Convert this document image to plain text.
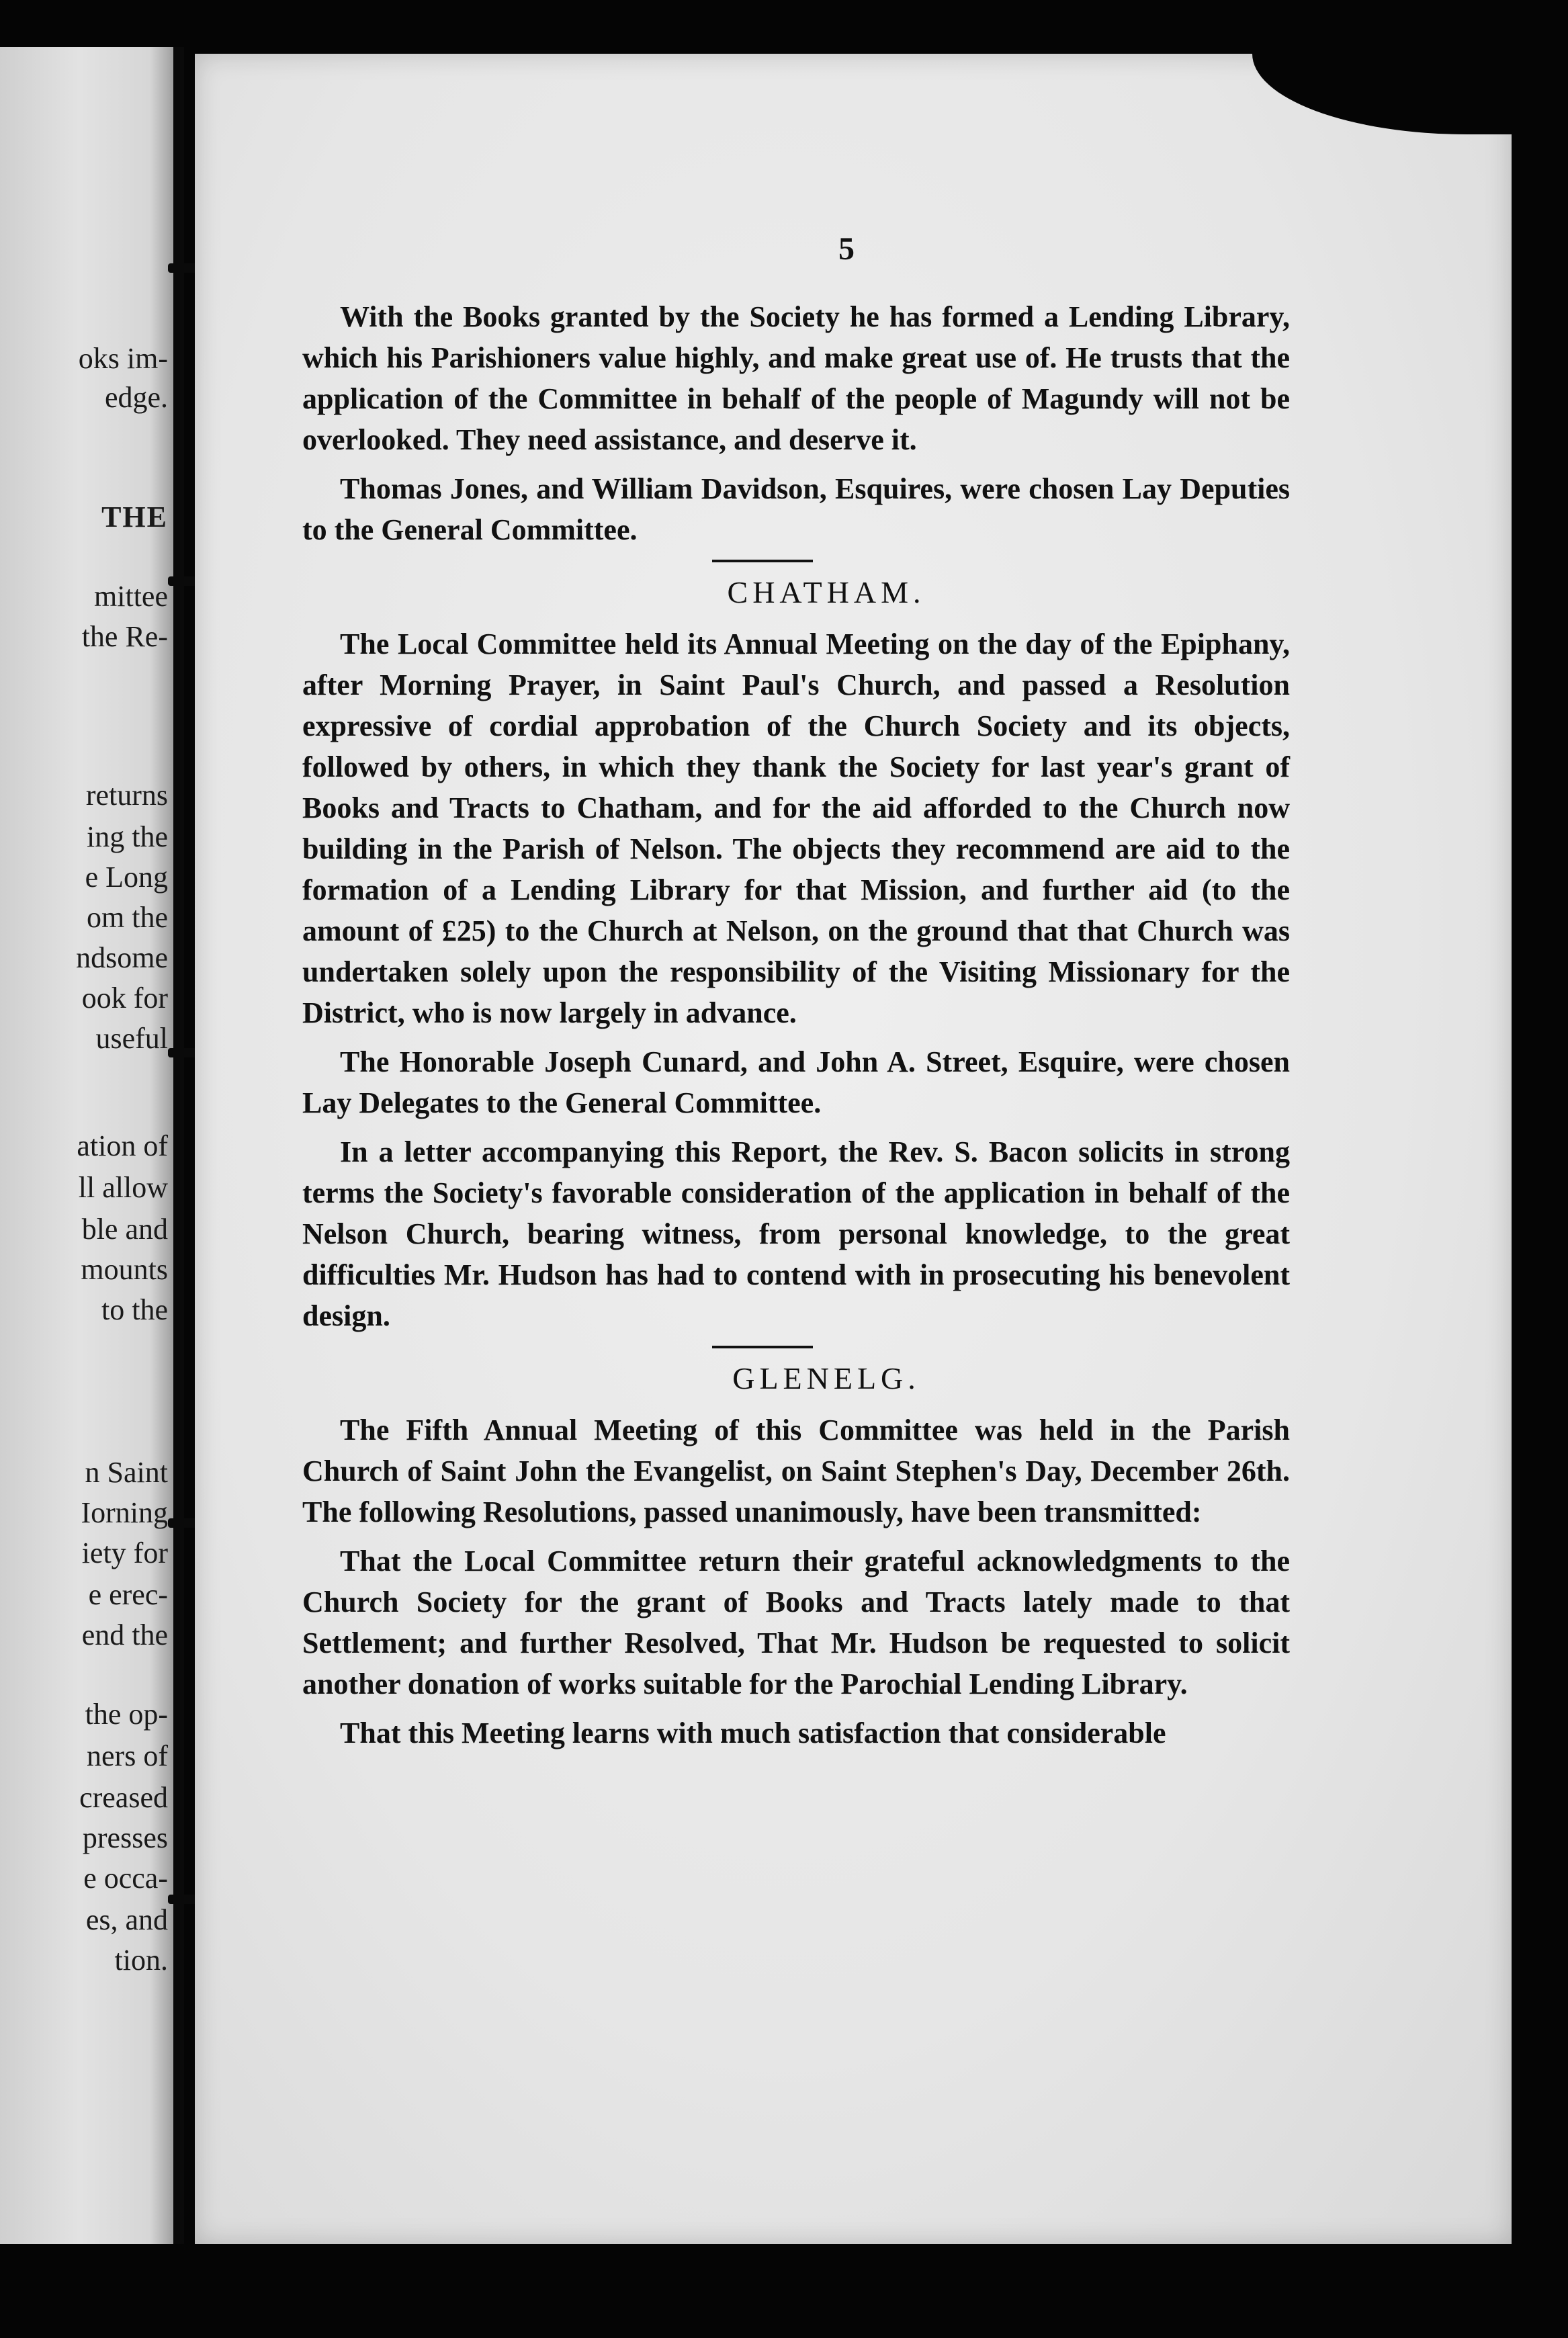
oks im-
edge.
THE
mittee
the Re-
returns
ing the
e Long
om the
ndsome
ook for
useful
ation of
ll allow
ble and
mounts
to the
n Saint
Iorning
iety for
e erec-
end the
the op-
ners of
creased
presses
e occa-
es, and
tion.
5

With the Books granted by the Society he has formed a Lending Library, which his Parishioners value highly, and make great use of. He trusts that the application of the Committee in behalf of the people of Magundy will not be overlooked. They need assistance, and deserve it.

Thomas Jones, and William Davidson, Esquires, were chosen Lay Deputies to the General Committee.

CHATHAM.

The Local Committee held its Annual Meeting on the day of the Epiphany, after Morning Prayer, in Saint Paul's Church, and passed a Resolution expressive of cordial approbation of the Church Society and its objects, followed by others, in which they thank the Society for last year's grant of Books and Tracts to Chatham, and for the aid afforded to the Church now building in the Parish of Nelson. The objects they recommend are aid to the formation of a Lending Library for that Mission, and further aid (to the amount of £25) to the Church at Nelson, on the ground that that Church was undertaken solely upon the responsibility of the Visiting Missionary for the District, who is now largely in advance.

The Honorable Joseph Cunard, and John A. Street, Esquire, were chosen Lay Delegates to the General Committee.

In a letter accompanying this Report, the Rev. S. Bacon solicits in strong terms the Society's favorable consideration of the application in behalf of the Nelson Church, bearing witness, from personal knowledge, to the great difficulties Mr. Hudson has had to contend with in prosecuting his benevolent design.

GLENELG.

The Fifth Annual Meeting of this Committee was held in the Parish Church of Saint John the Evangelist, on Saint Stephen's Day, December 26th. The following Resolutions, passed unanimously, have been transmitted:

That the Local Committee return their grateful acknowledgments to the Church Society for the grant of Books and Tracts lately made to that Settlement; and further Resolved, That Mr. Hudson be requested to solicit another donation of works suitable for the Parochial Lending Library.

That this Meeting learns with much satisfaction that considerable
